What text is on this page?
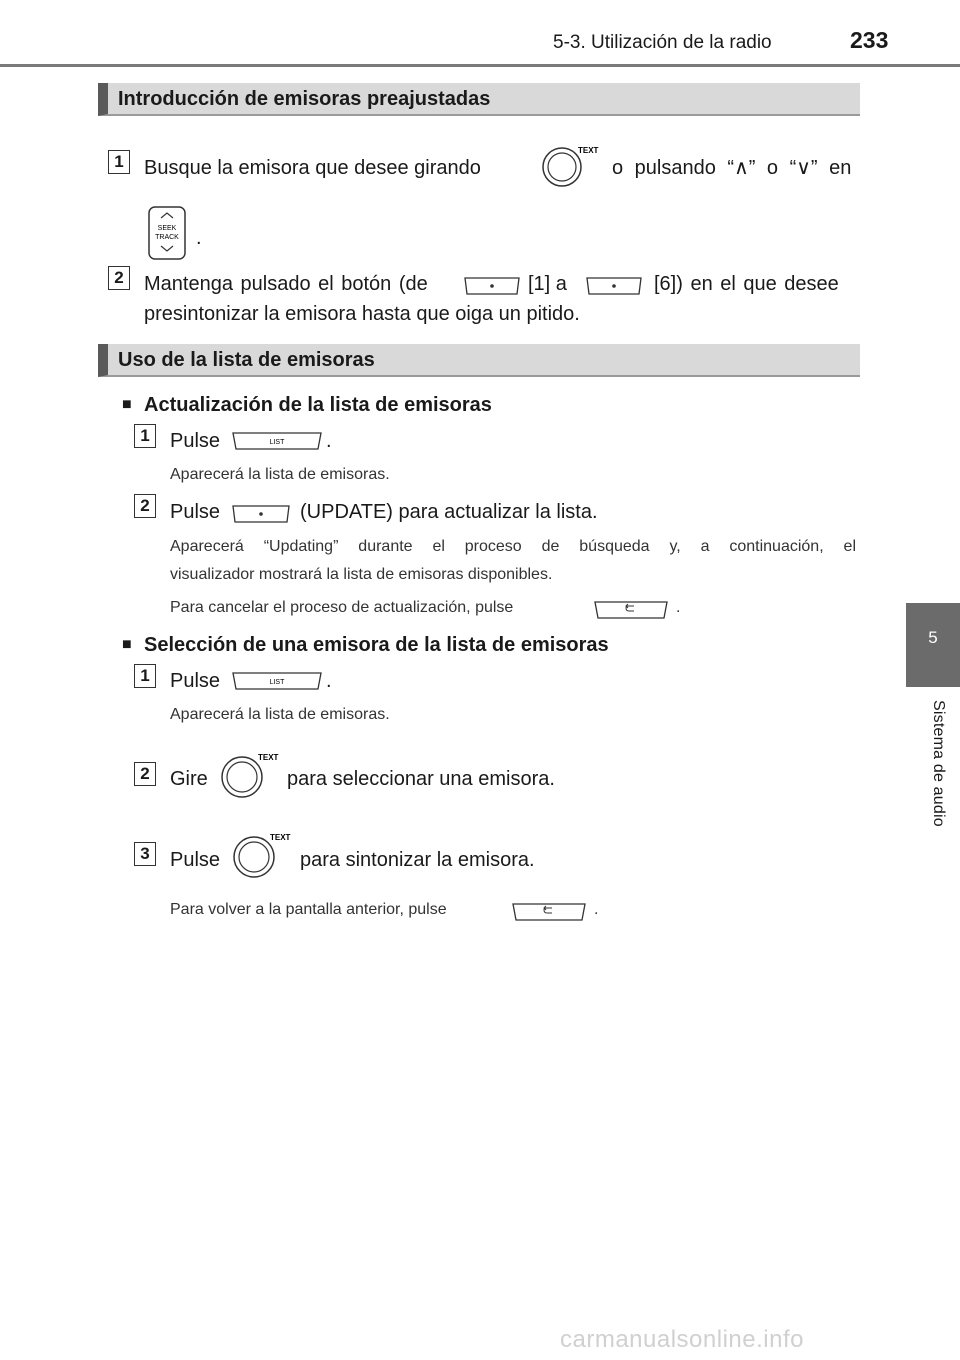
5-3. Utilización de la radio	233
5
Sistema de audio
Introducción de emisoras preajustadas
1	Busque la emisora que desee girando
TEXT
o pulsando “∧” o “∨” en
SEEK
TRACK .
2	Mantenga pulsado el botón (de	[1] a	[6]) en el que desee
presintonizar la emisora hasta que oiga un pitido.
Uso de la lista de emisoras
■ Actualización de la lista de emisoras
1	Pulse	LIST .
Aparecerá la lista de emisoras.
2	Pulse	(UPDATE) para actualizar la lista.
Aparecerá “Updating” durante el proceso de búsqueda y, a continuación, el
visualizador mostrará la lista de emisoras disponibles.
Para cancelar el proceso de actualización, pulse	.
■ Selección de una emisora de la lista de emisoras
1	Pulse	LIST .
Aparecerá la lista de emisoras.
2	Gire
TEXT
para seleccionar una emisora.
3	Pulse
TEXT
para sintonizar la emisora.
Para volver a la pantalla anterior, pulse	.
carmanualsonline.info
